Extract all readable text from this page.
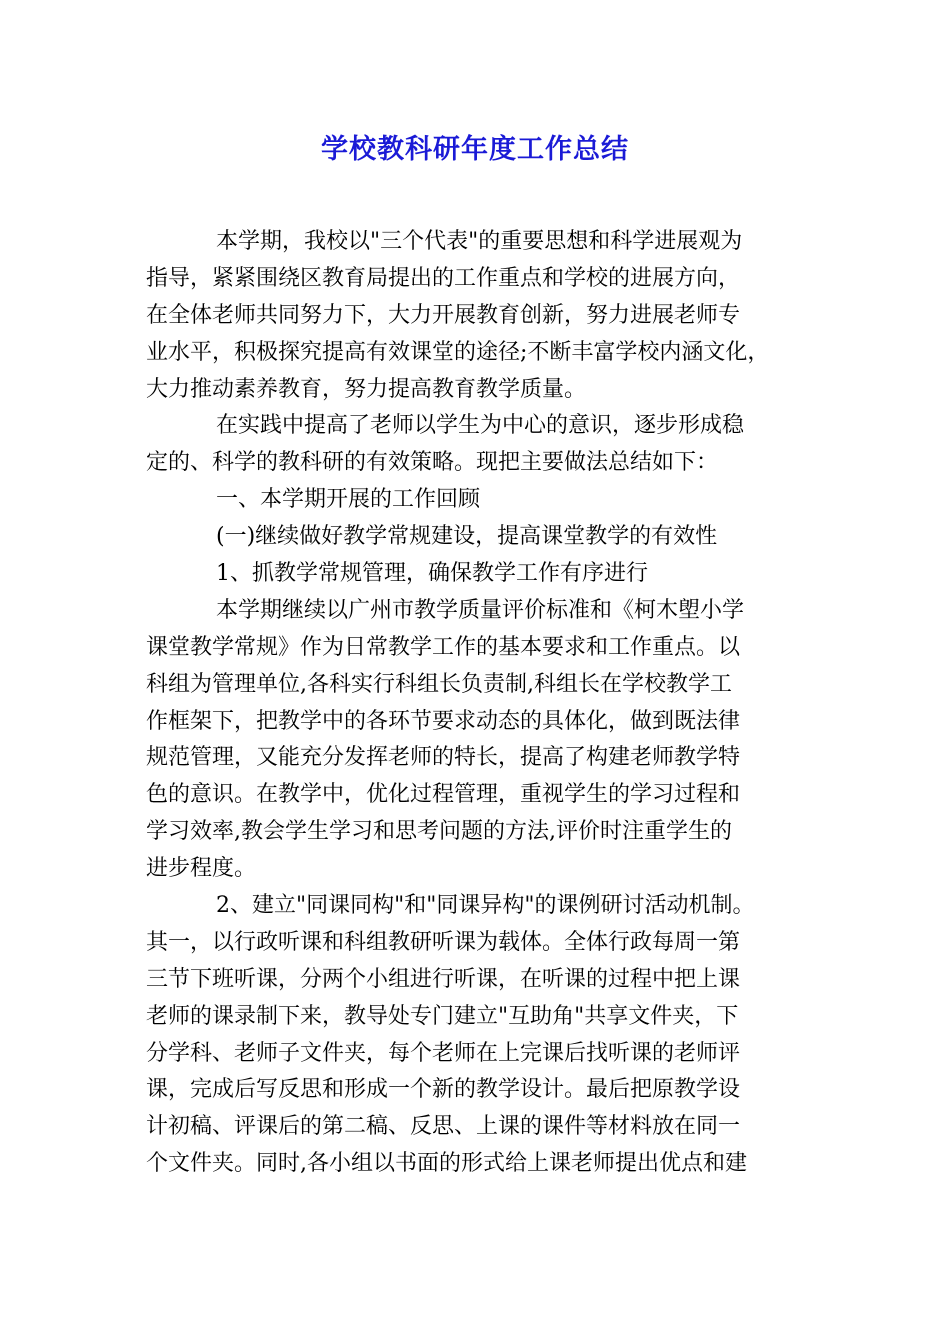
学校教科研年度工作总结
本学期，我校以"三个代表"的重要思想和科学进展观为
指导，紧紧围绕区教育局提出的工作重点和学校的进展方向，
在全体老师共同努力下，大力开展教育创新，努力进展老师专
业水平，积极探究提高有效课堂的途径;不断丰富学校内涵文化，
大力推动素养教育，努力提高教育教学质量。
在实践中提高了老师以学生为中心的意识，逐步形成稳
定的、科学的教科研的有效策略。现把主要做法总结如下：
一、本学期开展的工作回顾
(一)继续做好教学常规建设，提高课堂教学的有效性
1、抓教学常规管理，确保教学工作有序进行
本学期继续以广州市教学质量评价标准和《柯木塱小学
课堂教学常规》作为日常教学工作的基本要求和工作重点。以
科组为管理单位,各科实行科组长负责制,科组长在学校教学工
作框架下，把教学中的各环节要求动态的具体化，做到既法律
规范管理，又能充分发挥老师的特长，提高了构建老师教学特
色的意识。在教学中，优化过程管理，重视学生的学习过程和
学习效率,教会学生学习和思考问题的方法,评价时注重学生的
进步程度。
2、建立"同课同构"和"同课异构"的课例研讨活动机制。
其一，以行政听课和科组教研听课为载体。全体行政每周一第
三节下班听课，分两个小组进行听课，在听课的过程中把上课
老师的课录制下来，教导处专门建立"互助角"共享文件夹，下
分学科、老师子文件夹，每个老师在上完课后找听课的老师评
课，完成后写反思和形成一个新的教学设计。最后把原教学设
计初稿、评课后的第二稿、反思、上课的课件等材料放在同一
个文件夹。同时,各小组以书面的形式给上课老师提出优点和建
